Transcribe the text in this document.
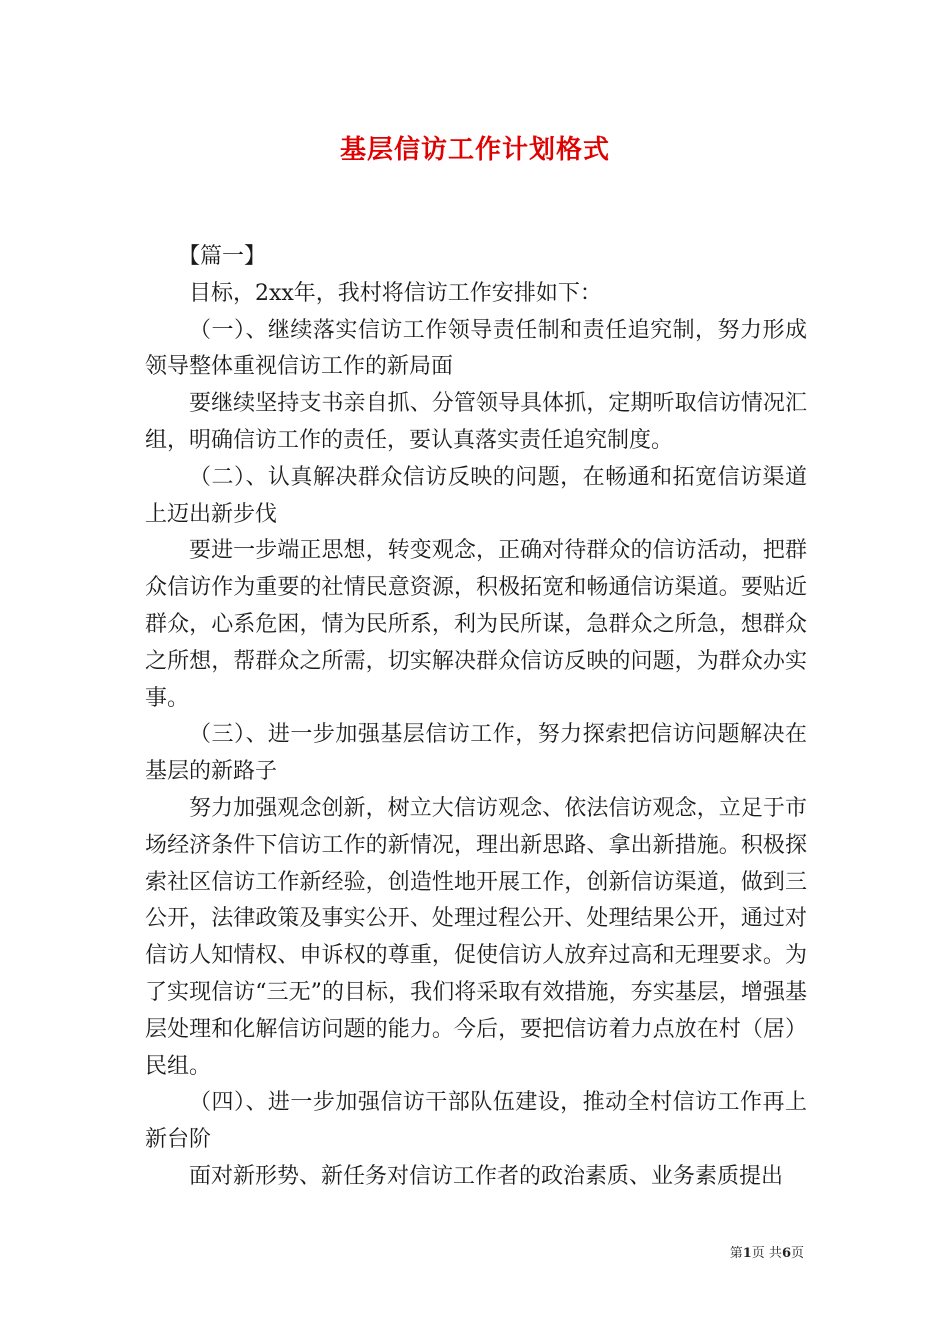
基层信访工作计划格式

【篇一】

目标，2xx年，我村将信访工作安排如下：

（一）、继续落实信访工作领导责任制和责任追究制，努力形成领导整体重视信访工作的新局面

要继续坚持支书亲自抓、分管领导具体抓，定期听取信访情况汇组，明确信访工作的责任，要认真落实责任追究制度。

（二）、认真解决群众信访反映的问题，在畅通和拓宽信访渠道上迈出新步伐

要进一步端正思想，转变观念，正确对待群众的信访活动，把群众信访作为重要的社情民意资源，积极拓宽和畅通信访渠道。要贴近群众，心系危困，情为民所系，利为民所谋，急群众之所急，想群众之所想，帮群众之所需，切实解决群众信访反映的问题，为群众办实事。

（三）、进一步加强基层信访工作，努力探索把信访问题解决在基层的新路子

努力加强观念创新，树立大信访观念、依法信访观念，立足于市场经济条件下信访工作的新情况，理出新思路、拿出新措施。积极探索社区信访工作新经验，创造性地开展工作，创新信访渠道，做到三公开，法律政策及事实公开、处理过程公开、处理结果公开，通过对信访人知情权、申诉权的尊重，促使信访人放弃过高和无理要求。为了实现信访“三无”的目标，我们将采取有效措施，夯实基层，增强基层处理和化解信访问题的能力。今后，要把信访着力点放在村（居）民组。

（四）、进一步加强信访干部队伍建设，推动全村信访工作再上新台阶

面对新形势、新任务对信访工作者的政治素质、业务素质提出

第1页 共6页
